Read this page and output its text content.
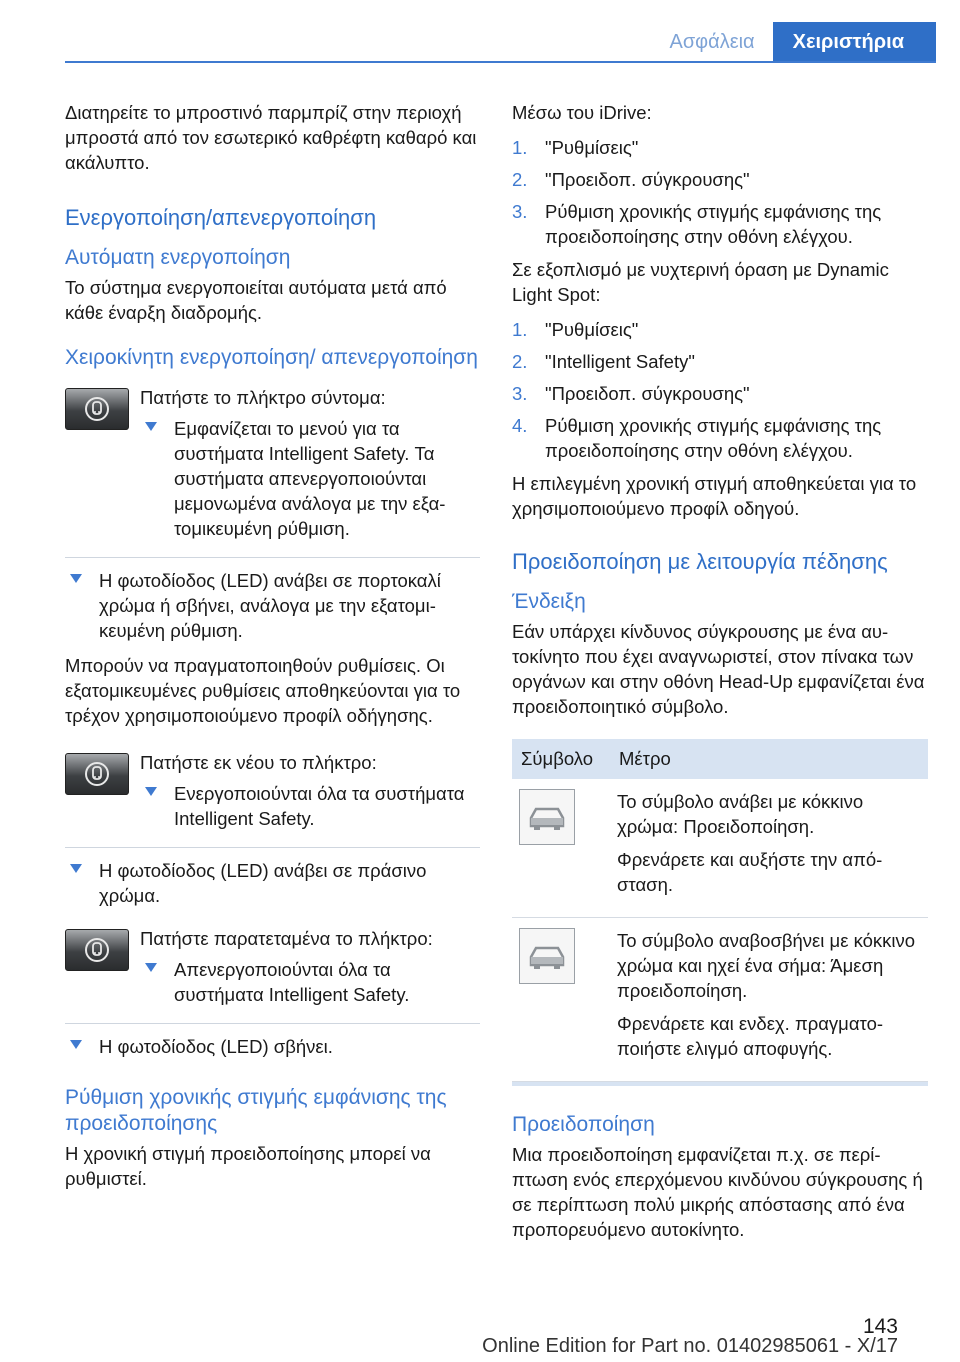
Ασφάλεια	Χειριστήρια

Διατηρείτε το μπροστινό παρμπρίζ στην περιοχή μπροστά από τον εσωτερικό καθρέφτη καθαρό και ακάλυπτο.

Ενεργοποίηση/απενεργοποίηση
Αυτόματη ενεργοποίηση

Το σύστημα ενεργοποιείται αυτόματα μετά από κάθε έναρξη διαδρομής.

Χειροκίνητη ενεργοποίηση/ απενεργοποίηση

Πατήστε το πλήκτρο σύντομα:

Εμφανίζεται το μενού για τα συστήματα Intelligent Safety. Τα συστήματα απενεργοποιούνται μεμονωμένα ανάλογα με την εξατομικευμένη ρύθμιση.
Η φωτοδίοδος (LED) ανάβει σε πορτοκαλί χρώμα ή σβήνει, ανάλογα με την εξατομικευμένη ρύθμιση.

Μπορούν να πραγματοποιηθούν ρυθμίσεις. Οι εξατομικευμένες ρυθμίσεις αποθηκεύονται για το τρέχον χρησιμοποιούμενο προφίλ οδήγησης.

Πατήστε εκ νέου το πλήκτρο:

Ενεργοποιούνται όλα τα συστήματα Intelligent Safety.
Η φωτοδίοδος (LED) ανάβει σε πράσινο χρώμα.

Πατήστε παρατεταμένα το πλήκτρο:

Απενεργοποιούνται όλα τα συστήματα Intelligent Safety.
Η φωτοδίοδος (LED) σβήνει.
Ρύθμιση χρονικής στιγμής εμφάνισης της προειδοποίησης

Η χρονική στιγμή προειδοποίησης μπορεί να ρυθμιστεί.

Μέσω του iDrive:

1. "Ρυθμίσεις"
2. "Προειδοπ. σύγκρουσης"
3. Ρύθμιση χρονικής στιγμής εμφάνισης της προειδοποίησης στην οθόνη ελέγχου.

Σε εξοπλισμό με νυχτερινή όραση με Dynamic Light Spot:

1. "Ρυθμίσεις"
2. "Intelligent Safety"
3. "Προειδοπ. σύγκρουσης"
4. Ρύθμιση χρονικής στιγμής εμφάνισης της προειδοποίησης στην οθόνη ελέγχου.

Η επιλεγμένη χρονική στιγμή αποθηκεύεται για το χρησιμοποιούμενο προφίλ οδηγού.

Προειδοποίηση με λειτουργία πέδησης
Ένδειξη

Εάν υπάρχει κίνδυνος σύγκρουσης με ένα αυτοκίνητο που έχει αναγνωριστεί, στον πίνακα των οργάνων και στην οθόνη Head-Up εμφανίζεται ένα προειδοποιητικό σύμβολο.

Σύμβολο	Μέτρο

Το σύμβολο ανάβει με κόκκινο χρώμα: Προειδοποίηση.

Φρενάρετε και αυξήστε την απόσταση.

Το σύμβολο αναβοσβήνει με κόκκινο χρώμα και ηχεί ένα σήμα: Άμεση προειδοποίηση.

Φρενάρετε και ενδεχ. πραγματοποιήστε ελιγμό αποφυγής.

Προειδοποίηση

Μια προειδοποίηση εμφανίζεται π.χ. σε περίπτωση ενός επερχόμενου κινδύνου σύγκρουσης ή σε περίπτωση πολύ μικρής απόστασης από ένα προπορευόμενο αυτοκίνητο.

143
Online Edition for Part no. 01402985061 - X/17
